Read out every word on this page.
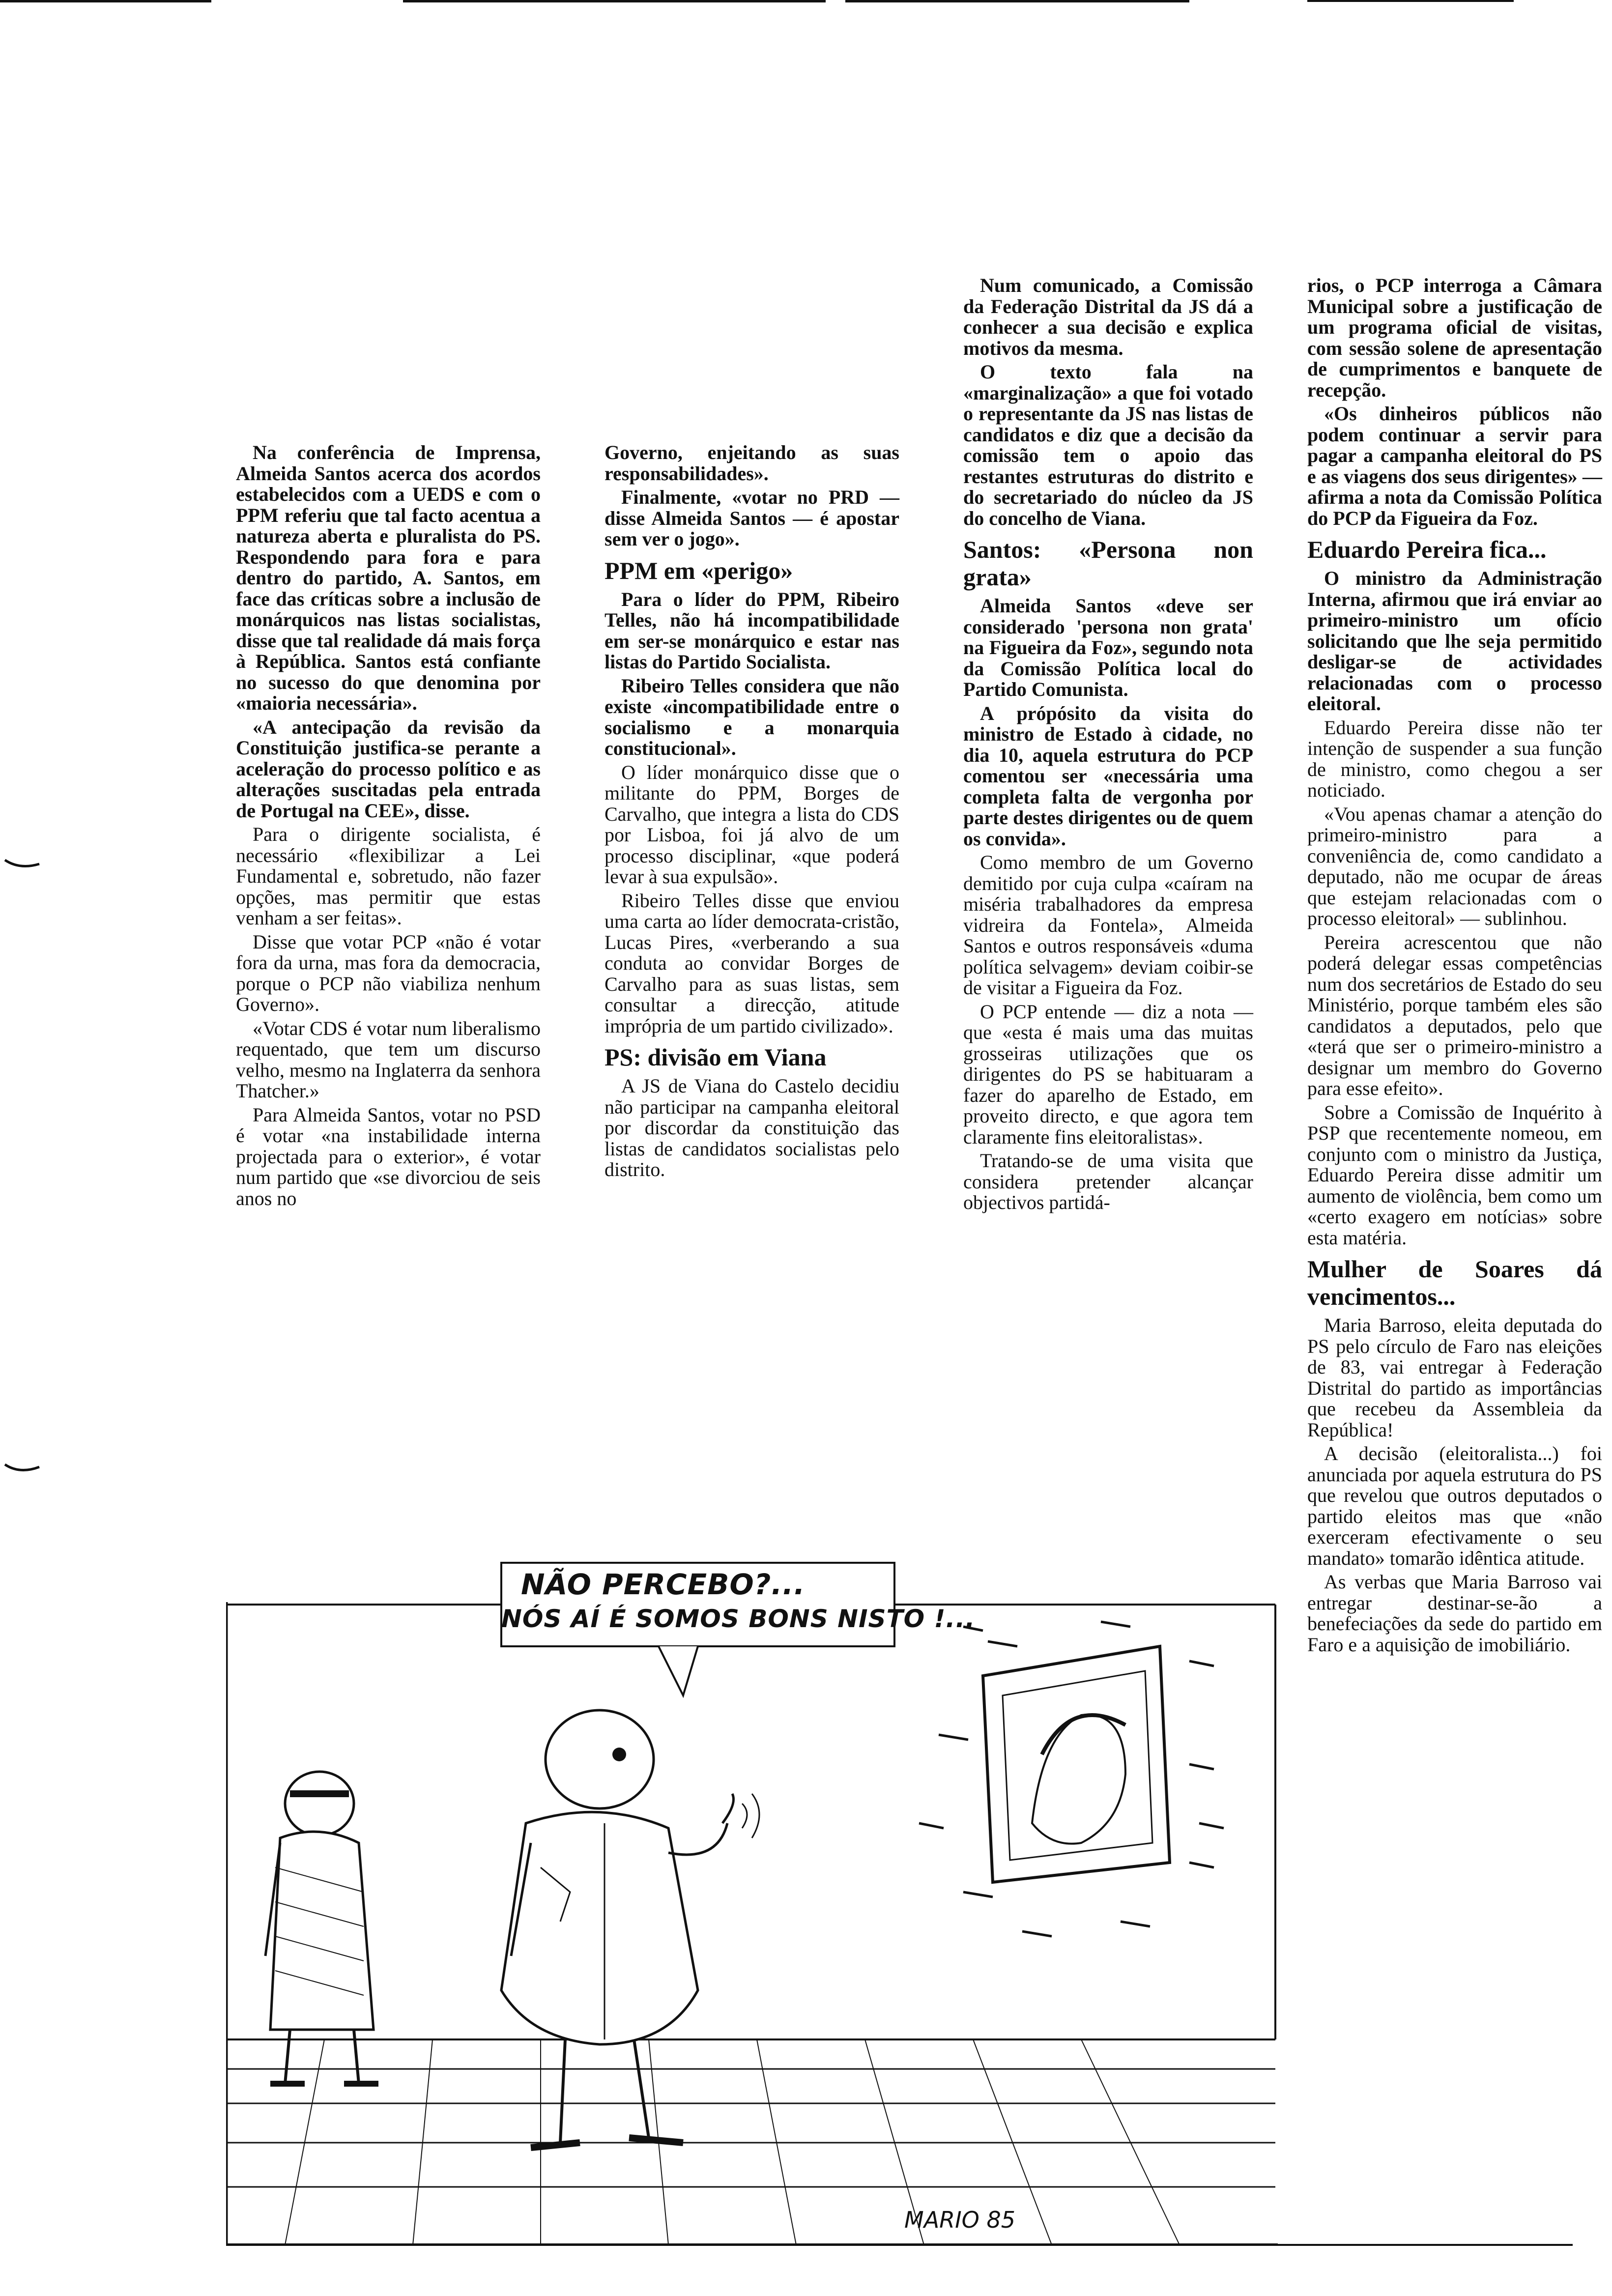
Na conferência de Imprensa, Almeida Santos acerca dos acordos estabelecidos com a UEDS e com o PPM referiu que tal facto acentua a natureza aberta e pluralista do PS. Respondendo para fora e para dentro do partido, A. Santos, em face das críticas sobre a inclusão de monárquicos nas listas socialistas, disse que tal realidade dá mais força à República. Santos está confiante no sucesso do que denomina por «maioria necessária».

«A antecipação da revisão da Constituição justifica-se perante a aceleração do processo político e as alterações suscitadas pela entrada de Portugal na CEE», disse.

Para o dirigente socialista, é necessário «flexibilizar a Lei Fundamental e, sobretudo, não fazer opções, mas permitir que estas venham a ser feitas».

Disse que votar PCP «não é votar fora da urna, mas fora da democracia, porque o PCP não viabiliza nenhum Governo».

«Votar CDS é votar num liberalismo requentado, que tem um discurso velho, mesmo na Inglaterra da senhora Thatcher.»

Para Almeida Santos, votar no PSD é votar «na instabilidade interna projectada para o exterior», é votar num partido que «se divorciou de seis anos no

Governo, enjeitando as suas responsabilidades».

Finalmente, «votar no PRD — disse Almeida Santos — é apostar sem ver o jogo».

PPM em «perigo»

Para o líder do PPM, Ribeiro Telles, não há incompatibilidade em ser-se monárquico e estar nas listas do Partido Socialista.

Ribeiro Telles considera que não existe «incompatibilidade entre o socialismo e a monarquia constitucional».

O líder monárquico disse que o militante do PPM, Borges de Carvalho, que integra a lista do CDS por Lisboa, foi já alvo de um processo disciplinar, «que poderá levar à sua expulsão».

Ribeiro Telles disse que enviou uma carta ao líder democrata-cristão, Lucas Pires, «verberando a sua conduta ao convidar Borges de Carvalho para as suas listas, sem consultar a direcção, atitude imprópria de um partido civilizado».

PS: divisão em Viana

A JS de Viana do Castelo decidiu não participar na campanha eleitoral por discordar da constituição das listas de candidatos socialistas pelo distrito.

Num comunicado, a Comissão da Federação Distrital da JS dá a conhecer a sua decisão e explica motivos da mesma.

O texto fala na «marginalização» a que foi votado o representante da JS nas listas de candidatos e diz que a decisão da comissão tem o apoio das restantes estruturas do distrito e do secretariado do núcleo da JS do concelho de Viana.

Santos: «Persona non grata»

Almeida Santos «deve ser considerado 'persona non grata' na Figueira da Foz», segundo nota da Comissão Política local do Partido Comunista.

A própósito da visita do ministro de Estado à cidade, no dia 10, aquela estrutura do PCP comentou ser «necessária uma completa falta de vergonha por parte destes dirigentes ou de quem os convida».

Como membro de um Governo demitido por cuja culpa «caíram na miséria trabalhadores da empresa vidreira da Fontela», Almeida Santos e outros responsáveis «duma política selvagem» deviam coibir-se de visitar a Figueira da Foz.

O PCP entende — diz a nota — que «esta é mais uma das muitas grosseiras utilizações que os dirigentes do PS se habituaram a fazer do aparelho de Estado, em proveito directo, e que agora tem claramente fins eleitoralistas».

Tratando-se de uma visita que considera pretender alcançar objectivos partidá-

rios, o PCP interroga a Câmara Municipal sobre a justificação de um programa oficial de visitas, com sessão solene de apresentação de cumprimentos e banquete de recepção.

«Os dinheiros públicos não podem continuar a servir para pagar a campanha eleitoral do PS e as viagens dos seus dirigentes» — afirma a nota da Comissão Política do PCP da Figueira da Foz.

Eduardo Pereira fica...

O ministro da Administração Interna, afirmou que irá enviar ao primeiro-ministro um ofício solicitando que lhe seja permitido desligar-se de actividades relacionadas com o processo eleitoral.

Eduardo Pereira disse não ter intenção de suspender a sua função de ministro, como chegou a ser noticiado.

«Vou apenas chamar a atenção do primeiro-ministro para a conveniência de, como candidato a deputado, não me ocupar de áreas que estejam relacionadas com o processo eleitoral» — sublinhou.

Pereira acrescentou que não poderá delegar essas competências num dos secretários de Estado do seu Ministério, porque também eles são candidatos a deputados, pelo que «terá que ser o primeiro-ministro a designar um membro do Governo para esse efeito».

Sobre a Comissão de Inquérito à PSP que recentemente nomeou, em conjunto com o ministro da Justiça, Eduardo Pereira disse admitir um aumento de violência, bem como um «certo exagero em notícias» sobre esta matéria.

Mulher de Soares dá vencimentos...

Maria Barroso, eleita deputada do PS pelo círculo de Faro nas eleições de 83, vai entregar à Federação Distrital do partido as importâncias que recebeu da Assembleia da República!

A decisão (eleitoralista...) foi anunciada por aquela estrutura do PS que revelou que outros deputados o partido eleitos mas que «não exerceram efectivamente o seu mandato» tomarão idêntica atitude.

As verbas que Maria Barroso vai entregar destinar-se-ão a benefeciações da sede do partido em Faro e a aquisição de imobiliário.

NÃO PERCEBO?...
NÓS AÍ É SOMOS BONS NISTO !...
MARIO 85
